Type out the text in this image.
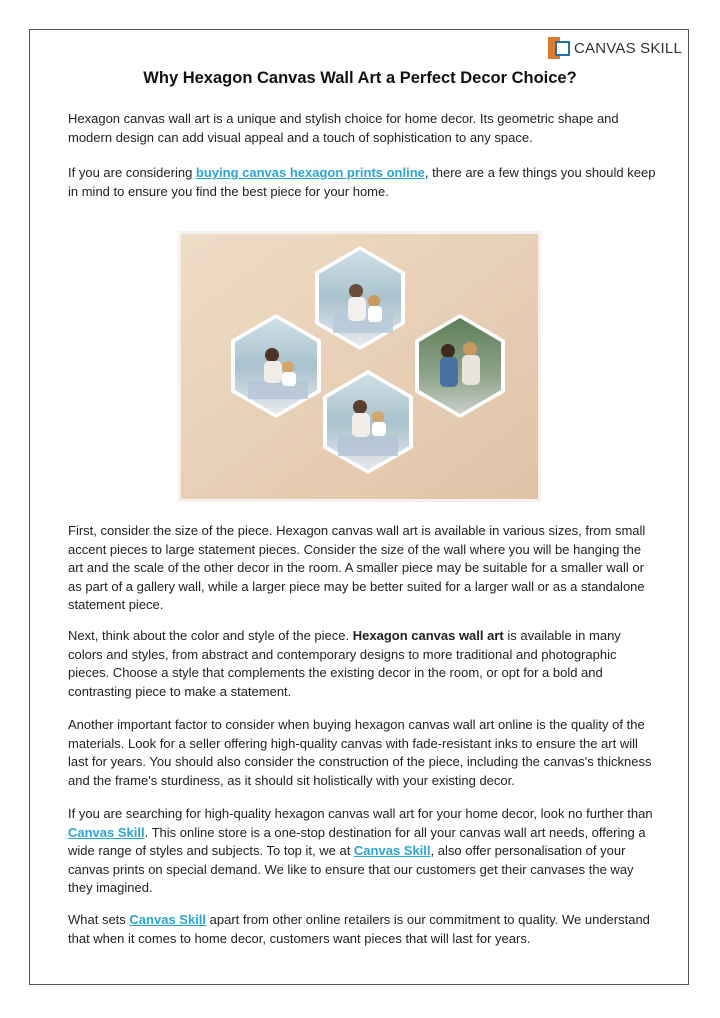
CANVAS SKILL
Why Hexagon Canvas Wall Art a Perfect Decor Choice?

Hexagon canvas wall art is a unique and stylish choice for home decor. Its geometric shape and modern design can add visual appeal and a touch of sophistication to any space.

If you are considering buying canvas hexagon prints online, there are a few things you should keep in mind to ensure you find the best piece for your home.

First, consider the size of the piece. Hexagon canvas wall art is available in various sizes, from small accent pieces to large statement pieces. Consider the size of the wall where you will be hanging the art and the scale of the other decor in the room. A smaller piece may be suitable for a smaller wall or as part of a gallery wall, while a larger piece may be better suited for a larger wall or as a standalone statement piece.

Next, think about the color and style of the piece. Hexagon canvas wall art is available in many colors and styles, from abstract and contemporary designs to more traditional and photographic pieces. Choose a style that complements the existing decor in the room, or opt for a bold and contrasting piece to make a statement.

Another important factor to consider when buying hexagon canvas wall art online is the quality of the materials. Look for a seller offering high-quality canvas with fade-resistant inks to ensure the art will last for years. You should also consider the construction of the piece, including the canvas's thickness and the frame's sturdiness, as it should sit holistically with your existing decor.

If you are searching for high-quality hexagon canvas wall art for your home decor, look no further than Canvas Skill. This online store is a one-stop destination for all your canvas wall art needs, offering a wide range of styles and subjects. To top it, we at Canvas Skill, also offer personalisation of your canvas prints on special demand. We like to ensure that our customers get their canvases the way they imagined.

What sets Canvas Skill apart from other online retailers is our commitment to quality. We understand that when it comes to home decor, customers want pieces that will last for years.
